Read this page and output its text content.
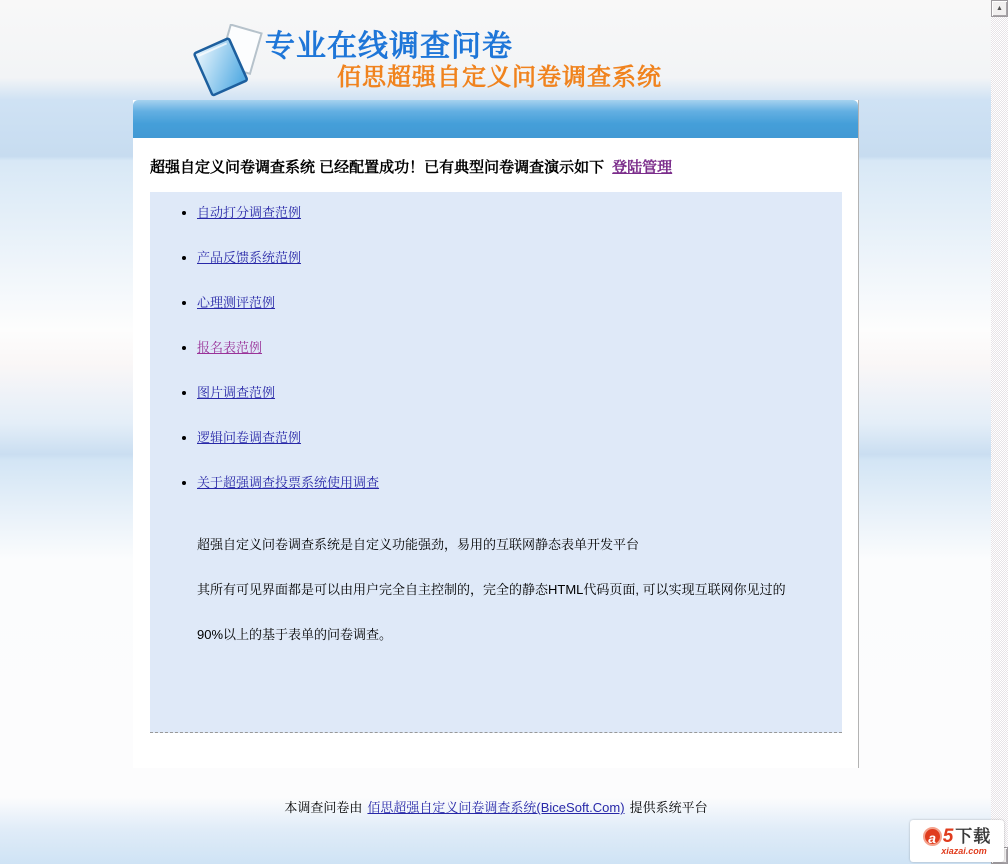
专业在线调查问卷
佰思超强自定义问卷调查系统
超强自定义问卷调查系统 已经配置成功！已有典型问卷调查演示如下 登陆管理
• 自动打分调查范例
• 产品反馈系统范例
• 心理测评范例
• 报名表范例
• 图片调查范例
• 逻辑问卷调查范例
• 关于超强调查投票系统使用调查

超强自定义问卷调查系统是自定义功能强劲，易用的互联网静态表单开发平台

其所有可见界面都是可以由用户完全自主控制的，完全的静态HTML代码页面, 可以实现互联网你见过的

90%以上的基于表单的问卷调查。

本调查问卷由 佰思超强自定义问卷调查系统(BiceSoft.Com) 提供系统平台
▲
a 5 下载
xiazai.com
